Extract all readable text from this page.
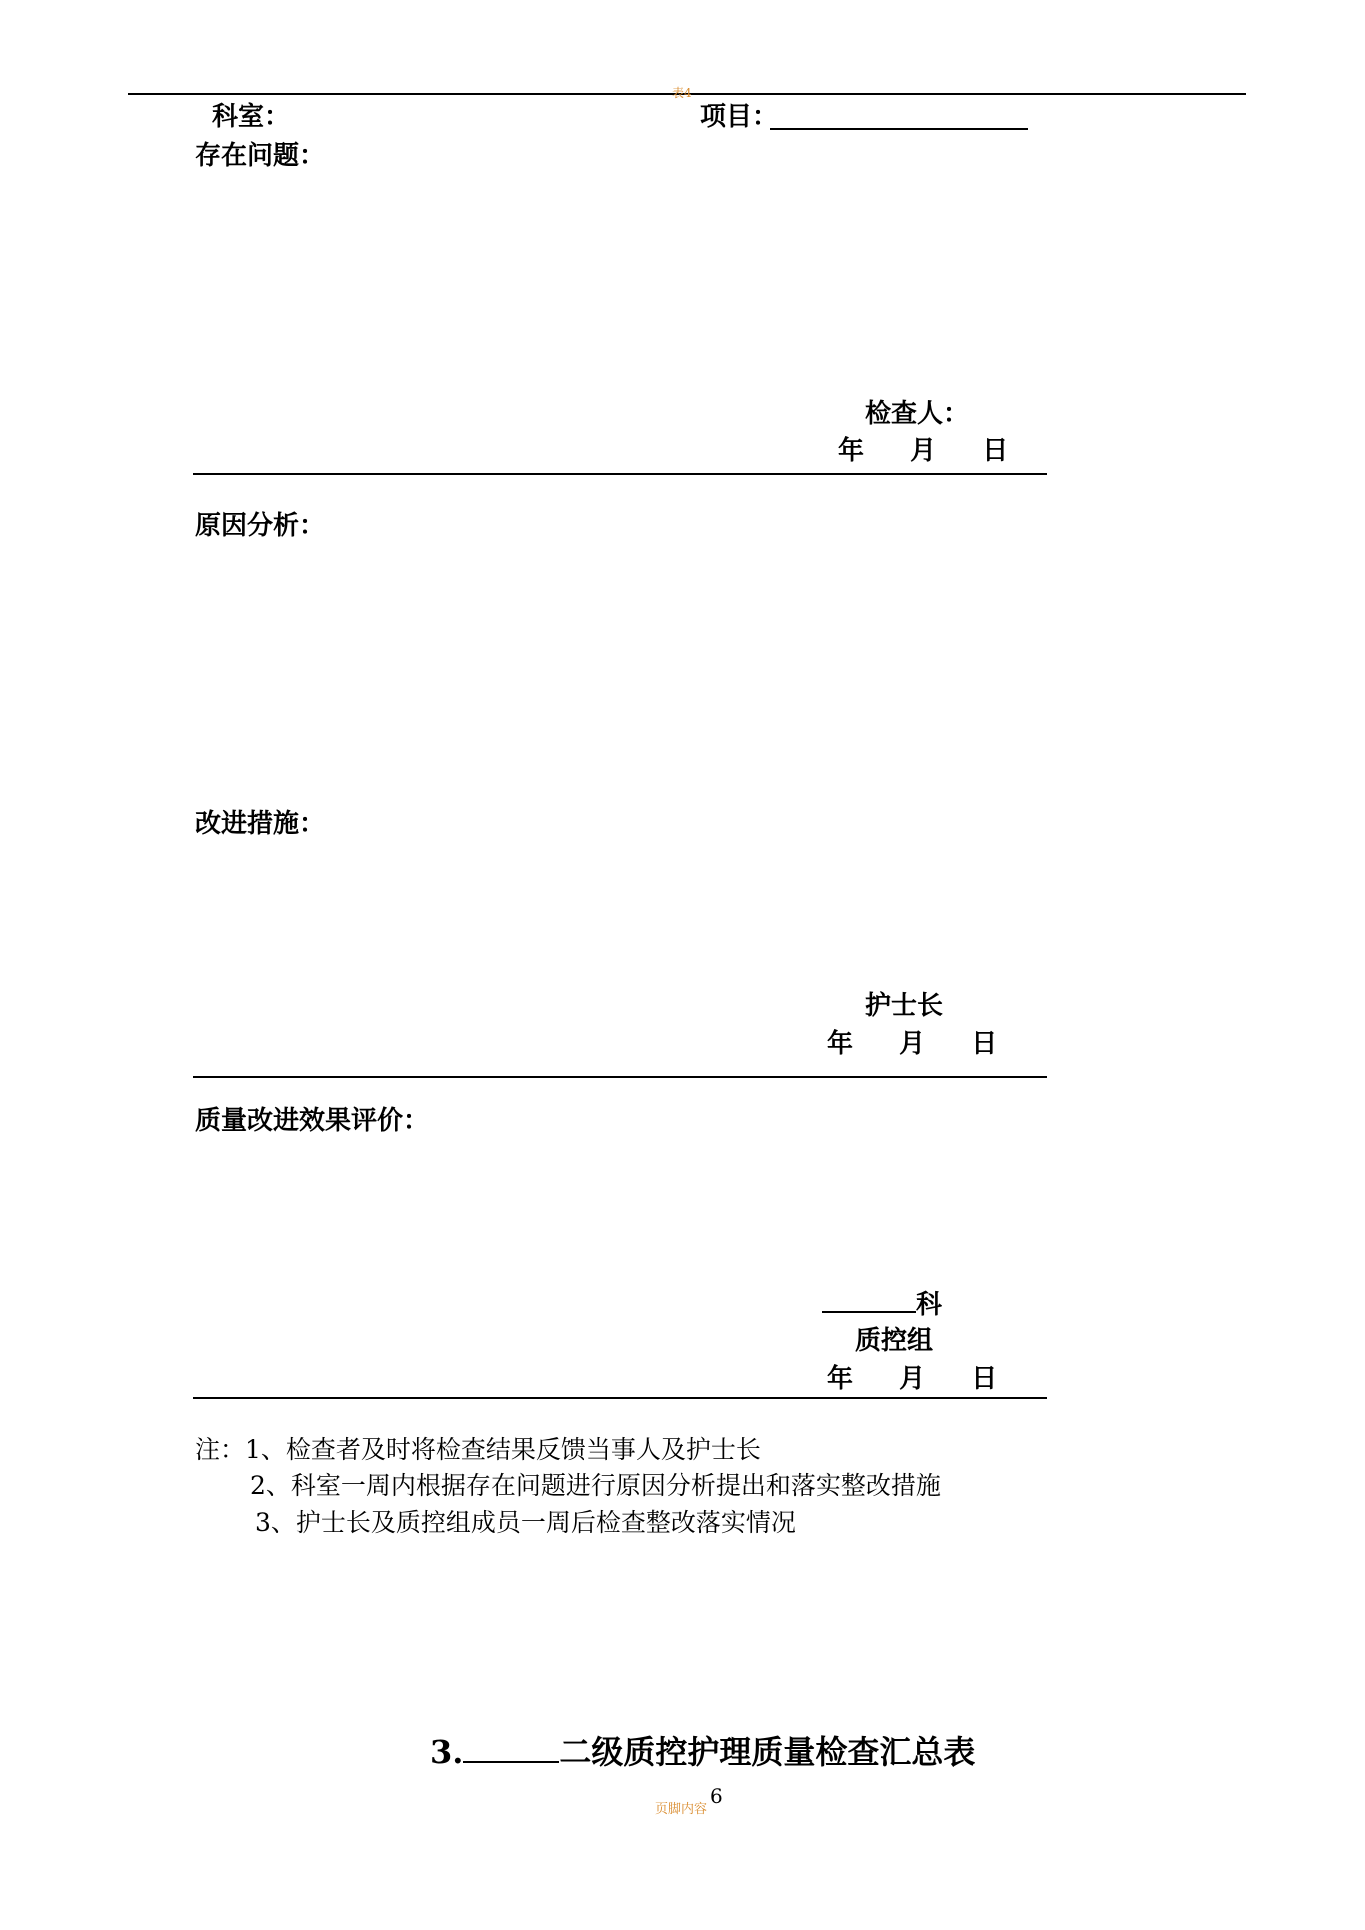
表4
科室：	项目：
存在问题：
检查人：
年 月 日
原因分析：
改进措施：
护士长
年 月 日
质量改进效果评价：
科
质控组
年 月 日
注：1、检查者及时将检查结果反馈当事人及护士长
2、科室一周内根据存在问题进行原因分析提出和落实整改措施
3、护士长及质控组成员一周后检查整改落实情况
3.	二级质控护理质量检查汇总表
页脚内容
6
